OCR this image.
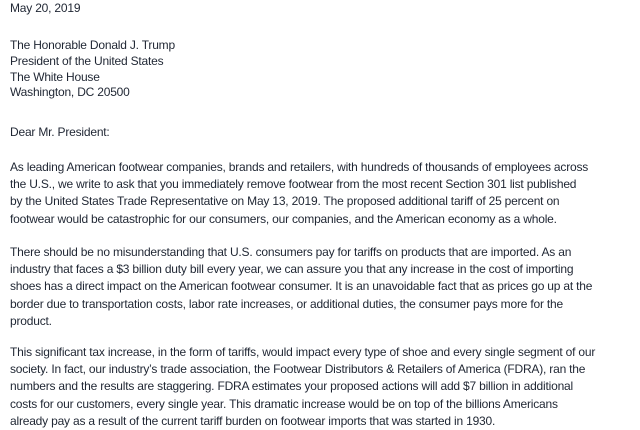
May 20, 2019
The Honorable Donald J. Trump
President of the United States
The White House
Washington, DC 20500
Dear Mr. President:
As leading American footwear companies, brands and retailers, with hundreds of thousands of employees across
the U.S., we write to ask that you immediately remove footwear from the most recent Section 301 list published
by the United States Trade Representative on May 13, 2019. The proposed additional tariff of 25 percent on
footwear would be catastrophic for our consumers, our companies, and the American economy as a whole.
There should be no misunderstanding that U.S. consumers pay for tariffs on products that are imported. As an
industry that faces a $3 billion duty bill every year, we can assure you that any increase in the cost of importing
shoes has a direct impact on the American footwear consumer. It is an unavoidable fact that as prices go up at the
border due to transportation costs, labor rate increases, or additional duties, the consumer pays more for the
product.
This significant tax increase, in the form of tariffs, would impact every type of shoe and every single segment of our
society. In fact, our industry’s trade association, the Footwear Distributors & Retailers of America (FDRA), ran the
numbers and the results are staggering. FDRA estimates your proposed actions will add $7 billion in additional
costs for our customers, every single year. This dramatic increase would be on top of the billions Americans
already pay as a result of the current tariff burden on footwear imports that was started in 1930.
